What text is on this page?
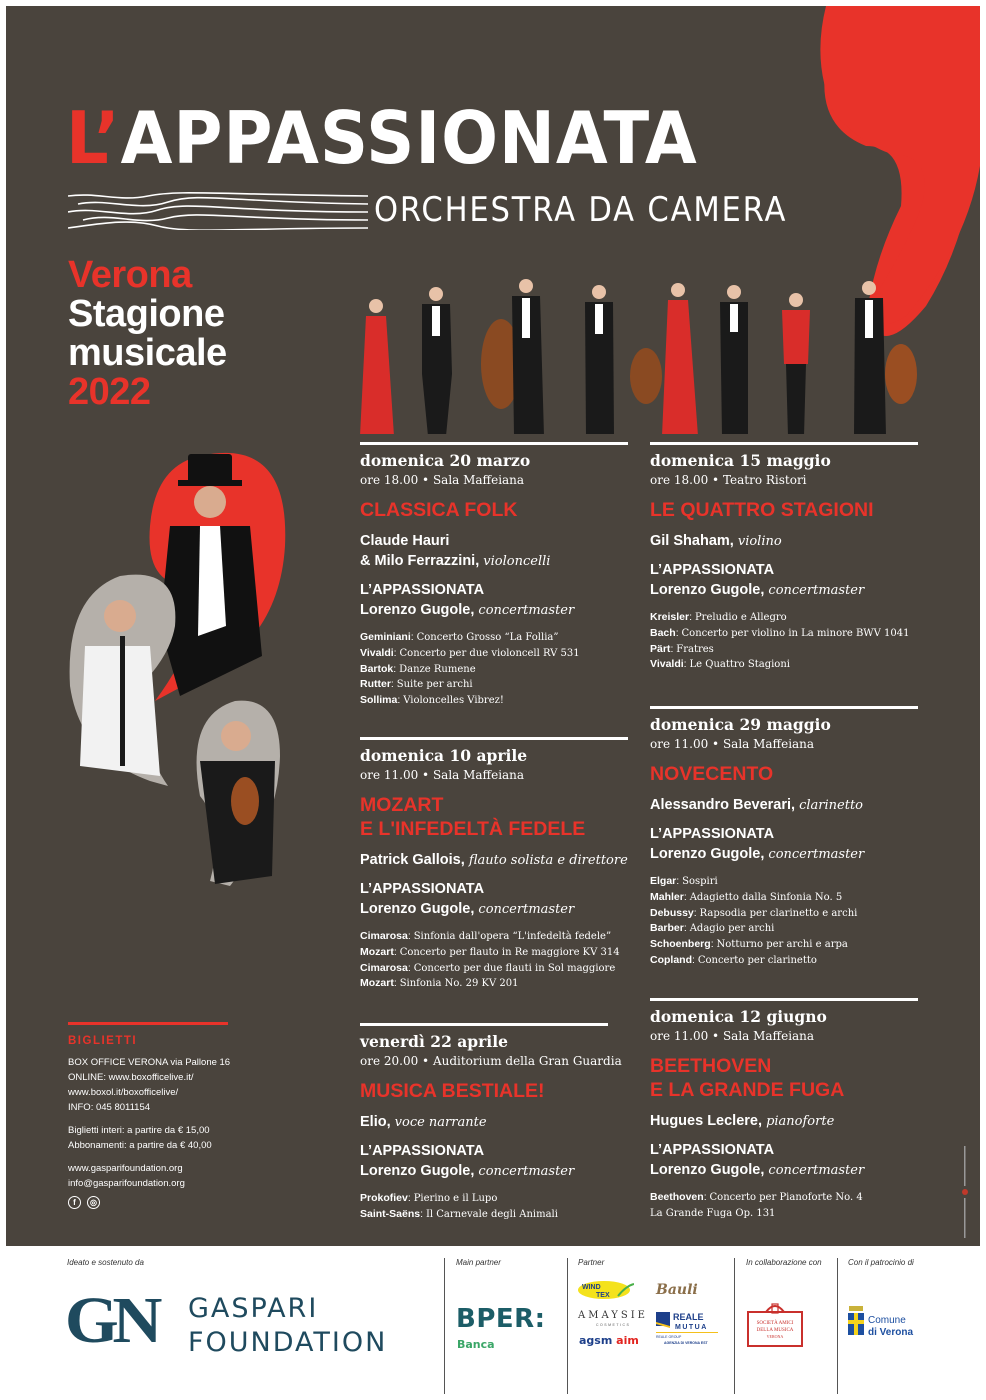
L’APPASSIONATA
ORCHESTRA DA CAMERA
Verona
Stagione
musicale
2022
domenica 20 marzo
ore 18.00 • Sala Maffeiana
CLASSICA FOLK
Claude Hauri
& Milo Ferrazzini, violoncelli
L’APPASSIONATA
Lorenzo Gugole, concertmaster
Geminiani: Concerto Grosso “La Follia”
Vivaldi: Concerto per due violoncell RV 531
Bartok: Danze Rumene
Rutter: Suite per archi
Sollima: Violoncelles Vibrez!
domenica 15 maggio
ore 18.00 • Teatro Ristori
LE QUATTRO STAGIONI
Gil Shaham, violino
L’APPASSIONATA
Lorenzo Gugole, concertmaster
Kreisler: Preludio e Allegro
Bach: Concerto per violino in La minore BWV 1041
Pärt: Fratres
Vivaldi: Le Quattro Stagioni
domenica 10 aprile
ore 11.00 • Sala Maffeiana
MOZART
E L'INFEDELTÀ FEDELE
Patrick Gallois, flauto solista e direttore
L’APPASSIONATA
Lorenzo Gugole, concertmaster
Cimarosa: Sinfonia dall'opera “L'infedeltà fedele”
Mozart: Concerto per flauto in Re maggiore KV 314
Cimarosa: Concerto per due flauti in Sol maggiore
Mozart: Sinfonia No. 29 KV 201
domenica 29 maggio
ore 11.00 • Sala Maffeiana
NOVECENTO
Alessandro Beverari, clarinetto
L’APPASSIONATA
Lorenzo Gugole, concertmaster
Elgar: Sospiri
Mahler: Adagietto dalla Sinfonia No. 5
Debussy: Rapsodia per clarinetto e archi
Barber: Adagio per archi
Schoenberg: Notturno per archi e arpa
Copland: Concerto per clarinetto
venerdì 22 aprile
ore 20.00 • Auditorium della Gran Guardia
MUSICA BESTIALE!
Elio, voce narrante
L’APPASSIONATA
Lorenzo Gugole, concertmaster
Prokofiev: Pierino e il Lupo
Saint-Saëns: Il Carnevale degli Animali
domenica 12 giugno
ore 11.00 • Sala Maffeiana
BEETHOVEN
E LA GRANDE FUGA
Hugues Leclere, pianoforte
L’APPASSIONATA
Lorenzo Gugole, concertmaster
Beethoven: Concerto per Pianoforte No. 4
La Grande Fuga Op. 131
BIGLIETTI
BOX OFFICE VERONA via Pallone 16
ONLINE: www.boxofficelive.it/
www.boxol.it/boxofficelive/
INFO: 045 8011154
Biglietti interi: a partire da € 15,00
Abbonamenti: a partire da € 40,00
www.gasparifoundation.org
info@gasparifoundation.org
f	◎
Ideato e sostenuto da
GN GASPARI
FOUNDATION
Main partner
BPER:
Banca
Partner
WIND
TEX	Bauli
AMAYSIE
COSMETICS
agsm aim
REALE
MUTUA
REALE GROUP
AGENZIA DI VERONA EST
In collaborazione con
SOCIETÀ AMICI
DELLA MUSICA
VERONA
Con il patrocinio di
Comune
di Verona
